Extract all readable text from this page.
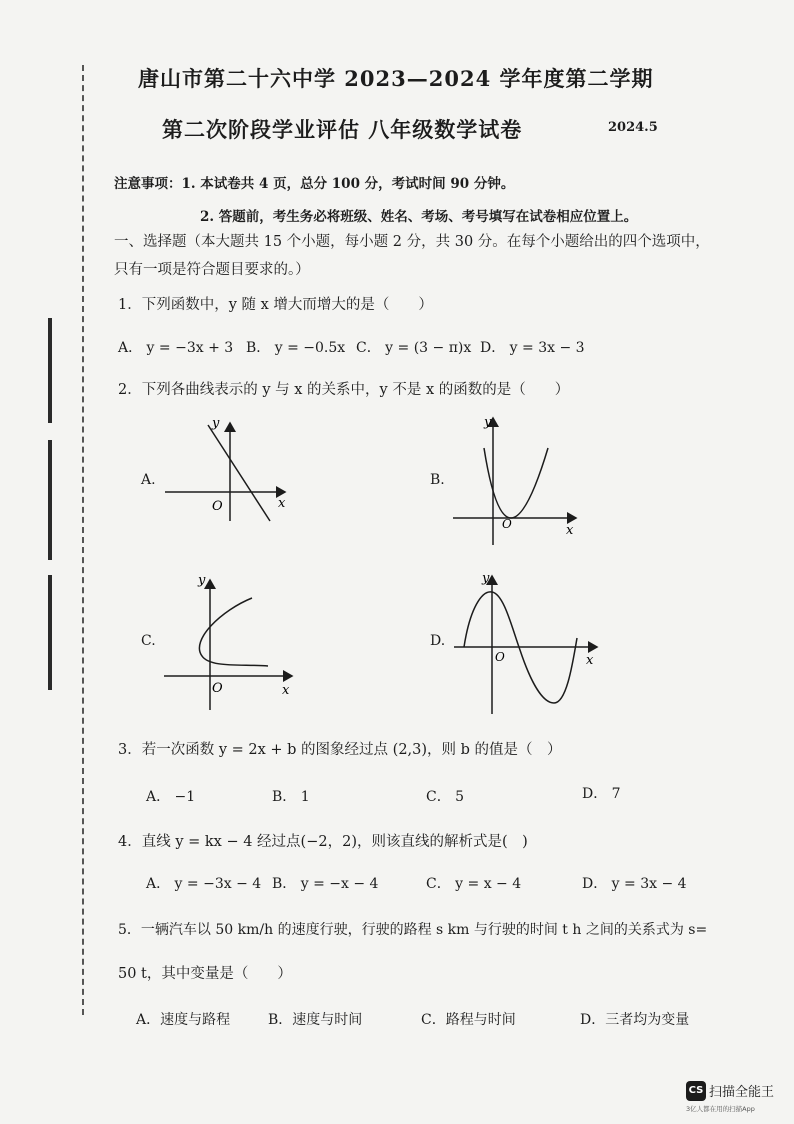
唐山市第二十六中学 2023—2024 学年度第二学期
第二次阶段学业评估 八年级数学试卷	2024.5
注意事项：1. 本试卷共 4 页，总分 100 分，考试时间 90 分钟。
2. 答题前，考生务必将班级、姓名、考场、考号填写在试卷相应位置上。
一、选择题（本大题共 15 个小题，每小题 2 分，共 30 分。在每个小题给出的四个选项中，
只有一项是符合题目要求的。）
1．下列函数中，y 随 x 增大而增大的是（　　）
A． y = −3x + 3 B． y = −0.5x C． y = (3 − π)x D． y = 3x − 3
2．下列各曲线表示的 y 与 x 的关系中，y 不是 x 的函数的是（　　）
A.	B.
C.	D.
y
x
O
y
x
O
y
x
O
y
x
O
3．若一次函数 y = 2x + b 的图象经过点 (2,3)，则 b 的值是（　）
A． −1	B． 1	C． 5	D． 7
4．直线 y = kx − 4 经过点(−2，2)，则该直线的解析式是(　)
A． y = −3x − 4 B． y = −x − 4	C． y = x − 4	D． y = 3x − 4
5．一辆汽车以 50 km/h 的速度行驶，行驶的路程 s km 与行驶的时间 t h 之间的关系式为 s=
50 t，其中变量是（　　）
A．速度与路程	B．速度与时间	C．路程与时间	D．三者均为变量
CS 扫描全能王
3亿人都在用的扫描App
